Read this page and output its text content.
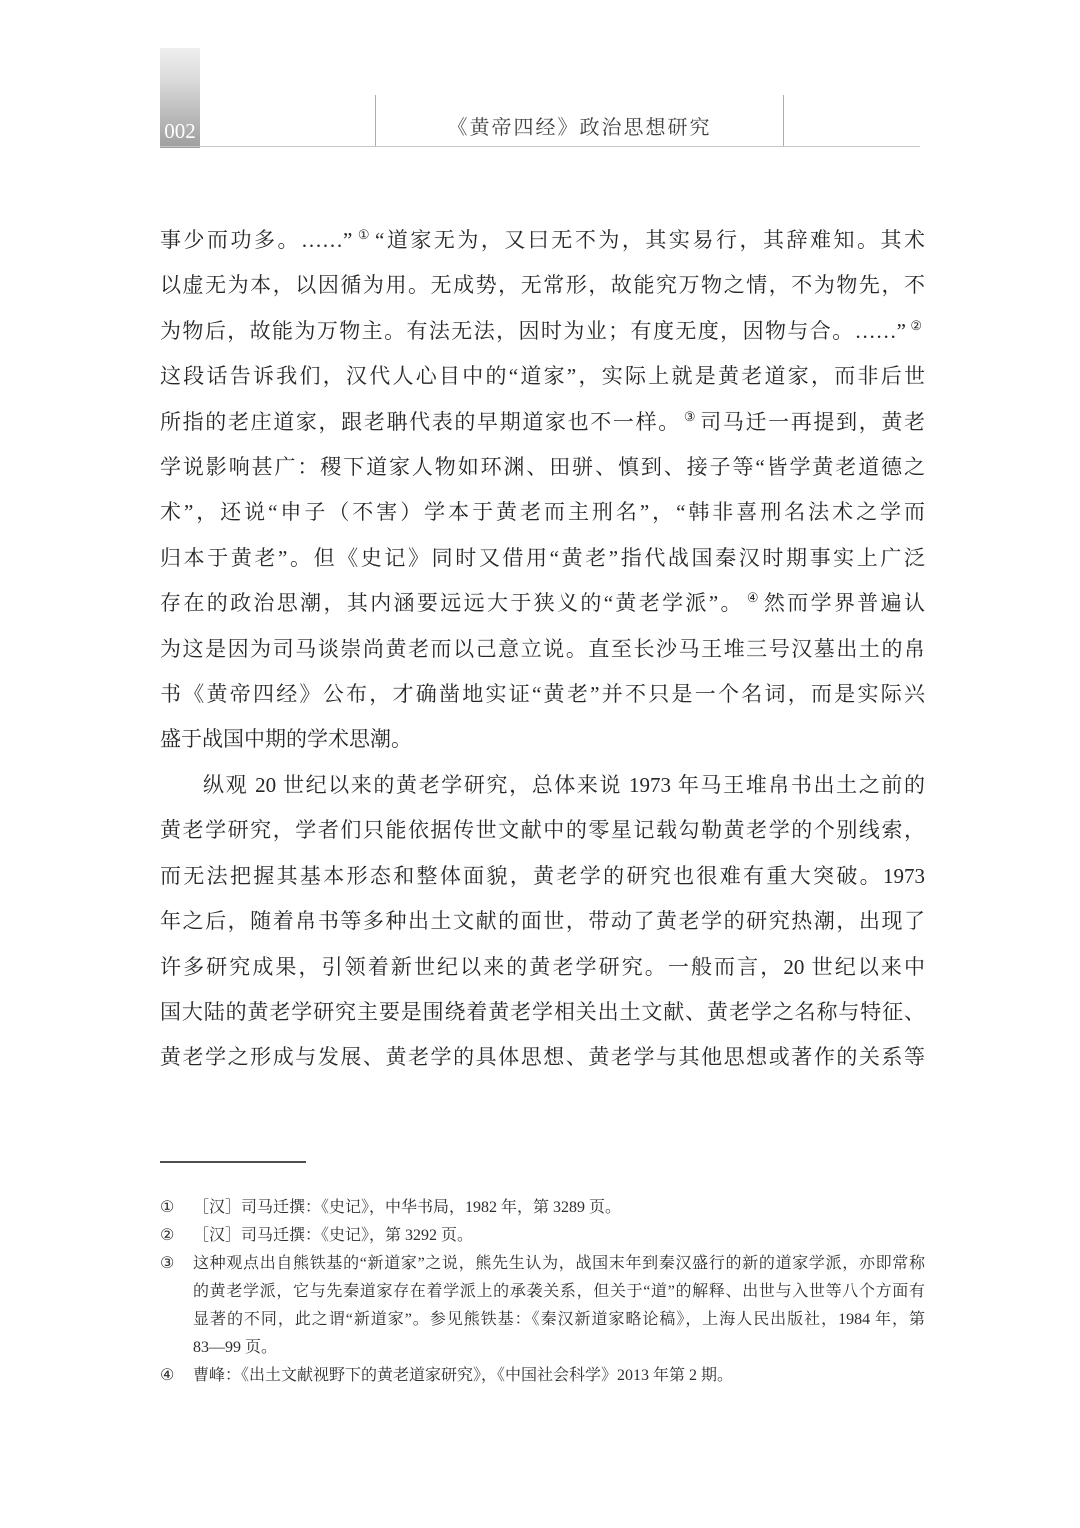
002	《黄帝四经》政治思想研究
事少而功多。……” ① “道家无为，又曰无不为，其实易行，其辞难知。其术
以虚无为本，以因循为用。无成势，无常形，故能究万物之情，不为物先，不
为物后，故能为万物主。有法无法，因时为业；有度无度，因物与合。……” ②
这段话告诉我们，汉代人心目中的“道家”，实际上就是黄老道家，而非后世
所指的老庄道家，跟老聃代表的早期道家也不一样。 ③ 司马迁一再提到，黄老
学说影响甚广：稷下道家人物如环渊、田骈、慎到、接子等“皆学黄老道德之
术”，还说“申子（不害）学本于黄老而主刑名”，“韩非喜刑名法术之学而
归本于黄老”。但《史记》同时又借用“黄老”指代战国秦汉时期事实上广泛
存在的政治思潮，其内涵要远远大于狭义的“黄老学派”。 ④ 然而学界普遍认
为这是因为司马谈崇尚黄老而以己意立说。直至长沙马王堆三号汉墓出土的帛
书《黄帝四经》公布，才确凿地实证“黄老”并不只是一个名词，而是实际兴
盛于战国中期的学术思潮。
纵观 20 世纪以来的黄老学研究，总体来说 1973 年马王堆帛书出土之前的
黄老学研究，学者们只能依据传世文献中的零星记载勾勒黄老学的个别线索，
而无法把握其基本形态和整体面貌，黄老学的研究也很难有重大突破。1973
年之后，随着帛书等多种出土文献的面世，带动了黄老学的研究热潮，出现了
许多研究成果，引领着新世纪以来的黄老学研究。一般而言，20 世纪以来中
国大陆的黄老学研究主要是围绕着黄老学相关出土文献、黄老学之名称与特征、
黄老学之形成与发展、黄老学的具体思想、黄老学与其他思想或著作的关系等
①	［汉］司马迁撰：《史记》，中华书局，1982 年，第 3289 页。
②	［汉］司马迁撰：《史记》，第 3292 页。
③	这种观点出自熊铁基的“新道家”之说，熊先生认为，战国末年到秦汉盛行的新的道家学派，亦即常称
的黄老学派，它与先秦道家存在着学派上的承袭关系，但关于“道”的解释、出世与入世等八个方面有
显著的不同，此之谓“新道家”。参见熊铁基：《秦汉新道家略论稿》，上海人民出版社，1984 年，第
83—99 页。
④	曹峰：《出土文献视野下的黄老道家研究》，《中国社会科学》2013 年第 2 期。
